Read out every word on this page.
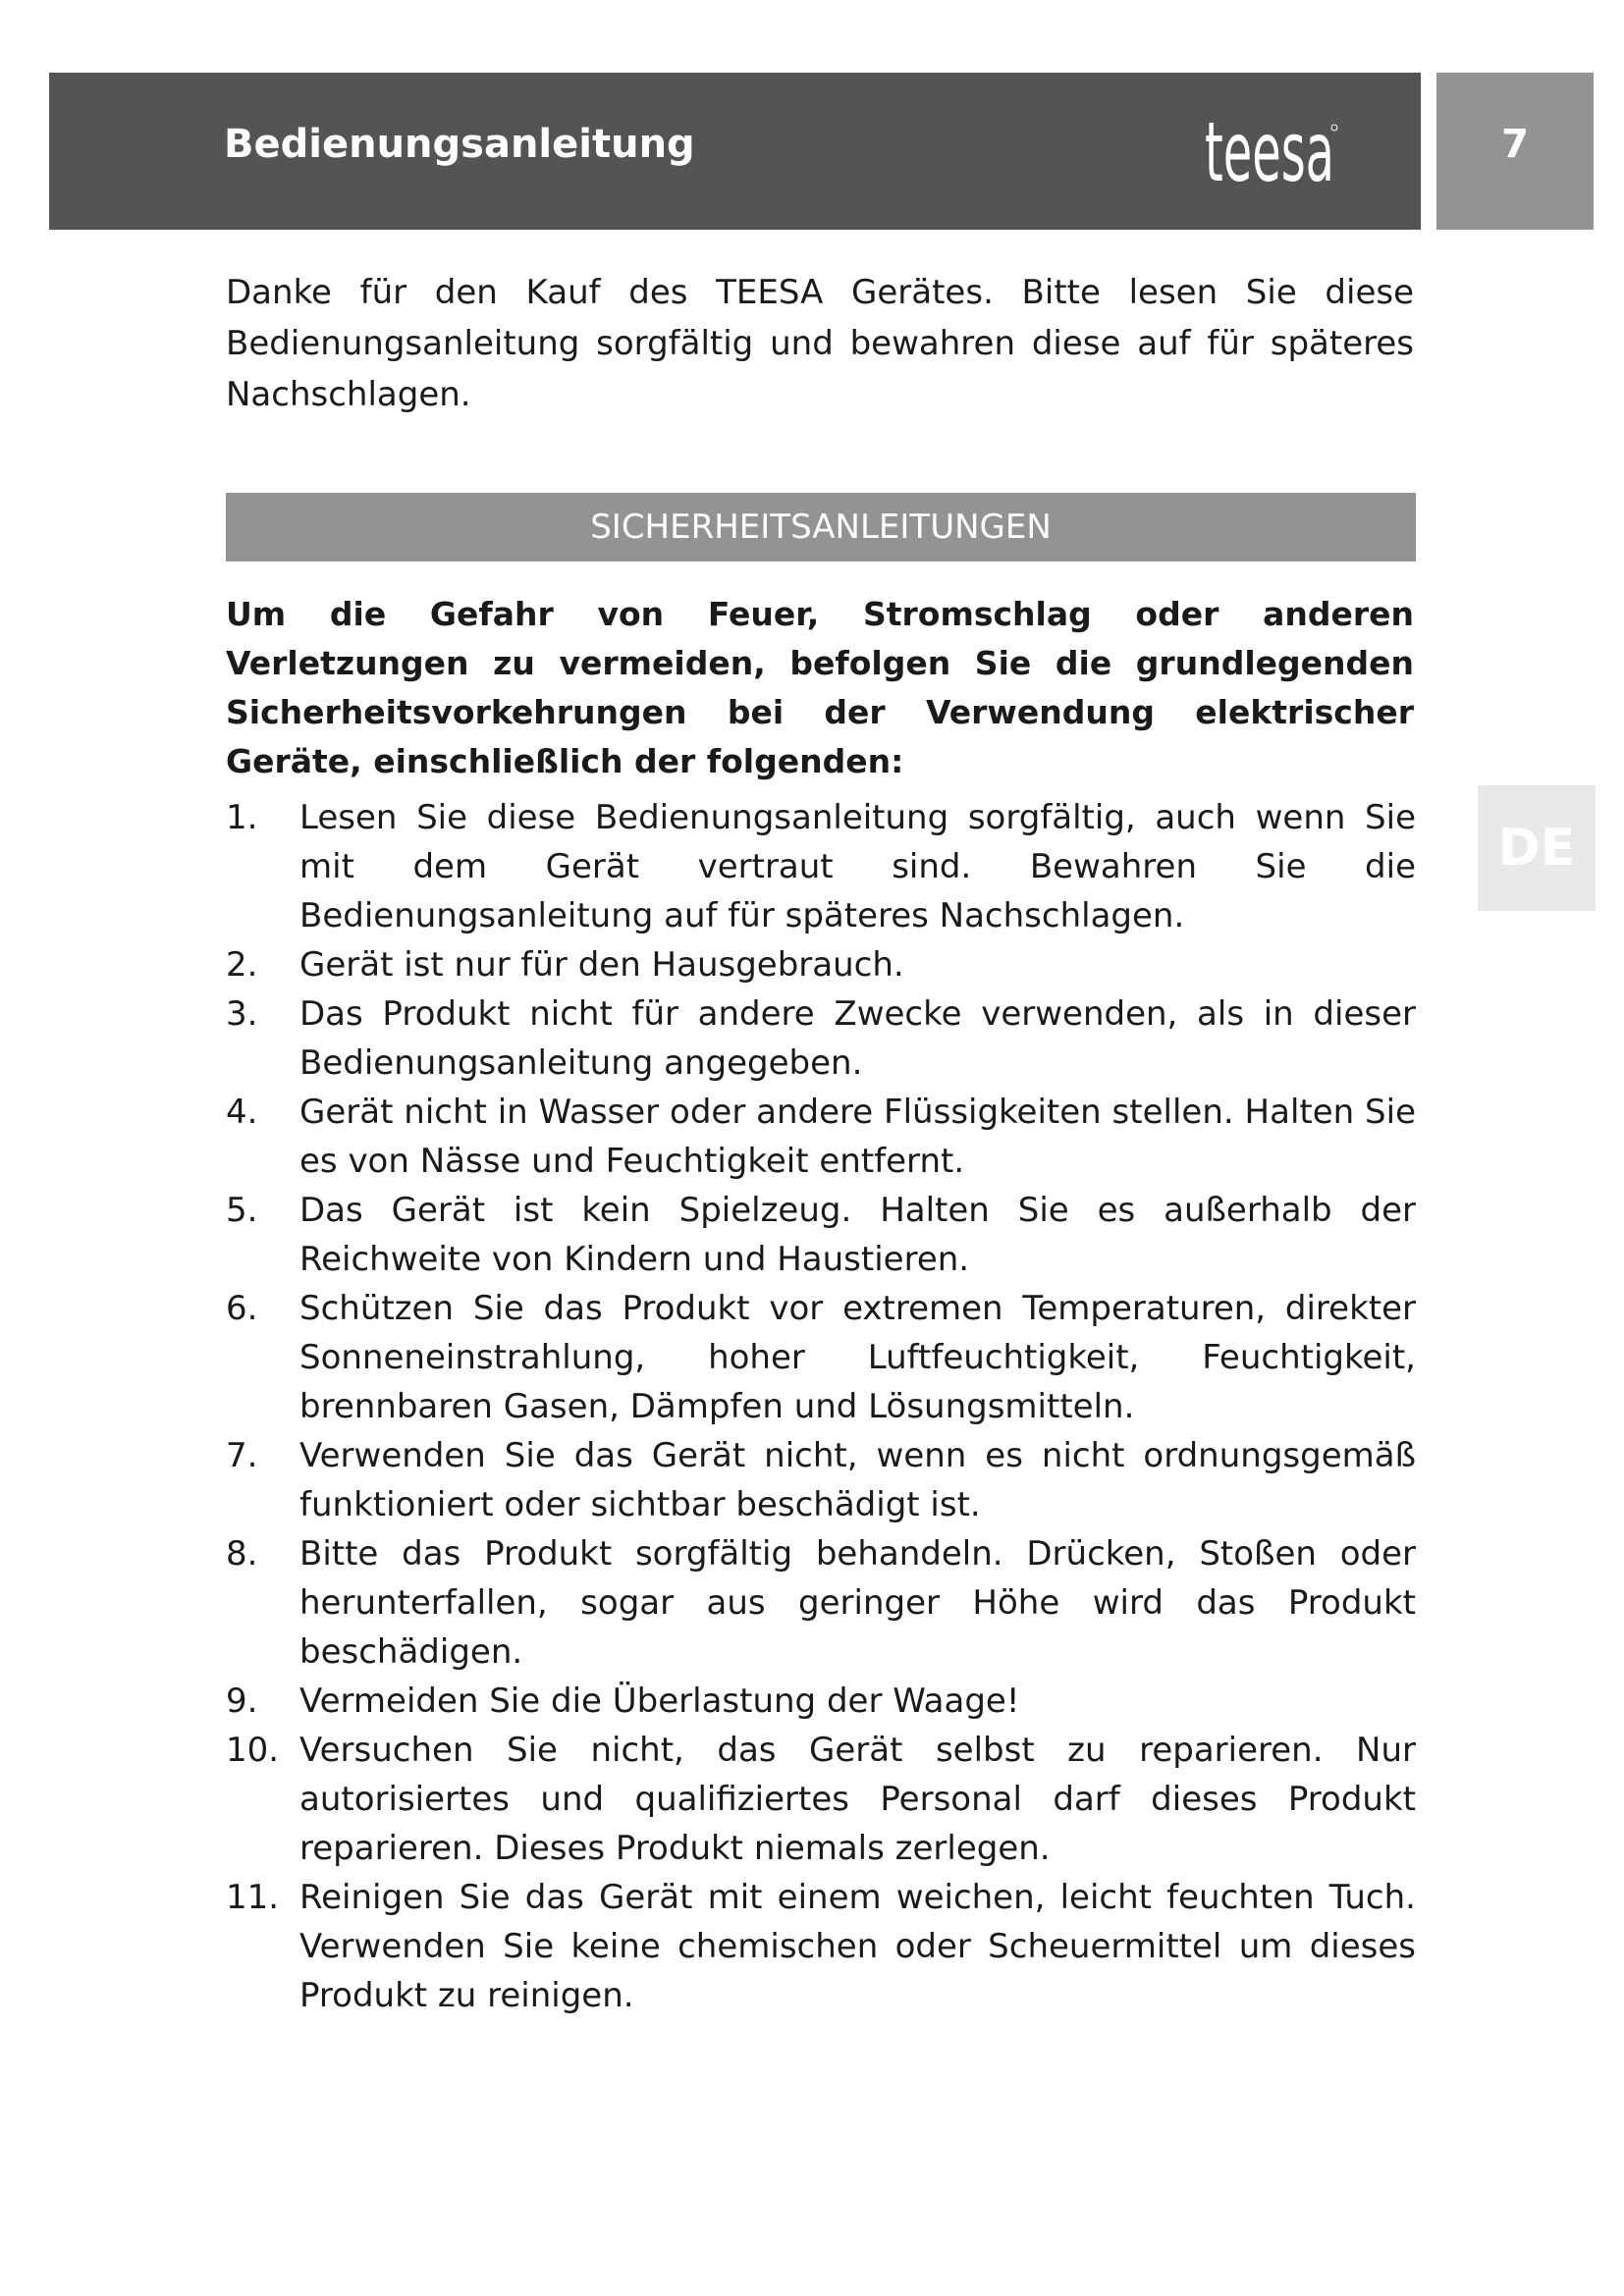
Bedienungsanleitung	teesa	7

Danke für den Kauf des TEESA Gerätes. Bitte lesen Sie diese Bedienungsanleitung sorgfältig und bewahren diese auf für späteres Nachschlagen.

SICHERHEITSANLEITUNGEN

Um die Gefahr von Feuer, Stromschlag oder anderen Verletzungen zu vermeiden, befolgen Sie die grundlegenden Sicherheitsvorkehrungen bei der Verwendung elektrischer Geräte, einschließlich der folgenden:

1.	Lesen Sie diese Bedienungsanleitung sorgfältig, auch wenn Sie mit dem Gerät vertraut sind. Bewahren Sie die Bedienungsanleitung auf für späteres Nachschlagen.
2.	Gerät ist nur für den Hausgebrauch.
3.	Das Produkt nicht für andere Zwecke verwenden, als in dieser Bedienungsanleitung angegeben.
4.	Gerät nicht in Wasser oder andere Flüssigkeiten stellen. Halten Sie es von Nässe und Feuchtigkeit entfernt.
5.	Das Gerät ist kein Spielzeug. Halten Sie es außerhalb der Reichweite von Kindern und Haustieren.
6.	Schützen Sie das Produkt vor extremen Temperaturen, direkter Sonneneinstrahlung, hoher Luftfeuchtigkeit, Feuchtigkeit, brennbaren Gasen, Dämpfen und Lösungsmitteln.
7.	Verwenden Sie das Gerät nicht, wenn es nicht ordnungsgemäß funktioniert oder sichtbar beschädigt ist.
8.	Bitte das Produkt sorgfältig behandeln. Drücken, Stoßen oder herunterfallen, sogar aus geringer Höhe wird das Produkt beschädigen.
9.	Vermeiden Sie die Überlastung der Waage!
10. Versuchen Sie nicht, das Gerät selbst zu reparieren. Nur autorisiertes und qualifiziertes Personal darf dieses Produkt reparieren. Dieses Produkt niemals zerlegen.
11. Reinigen Sie das Gerät mit einem weichen, leicht feuchten Tuch. Verwenden Sie keine chemischen oder Scheuermittel um dieses Produkt zu reinigen.
DE
